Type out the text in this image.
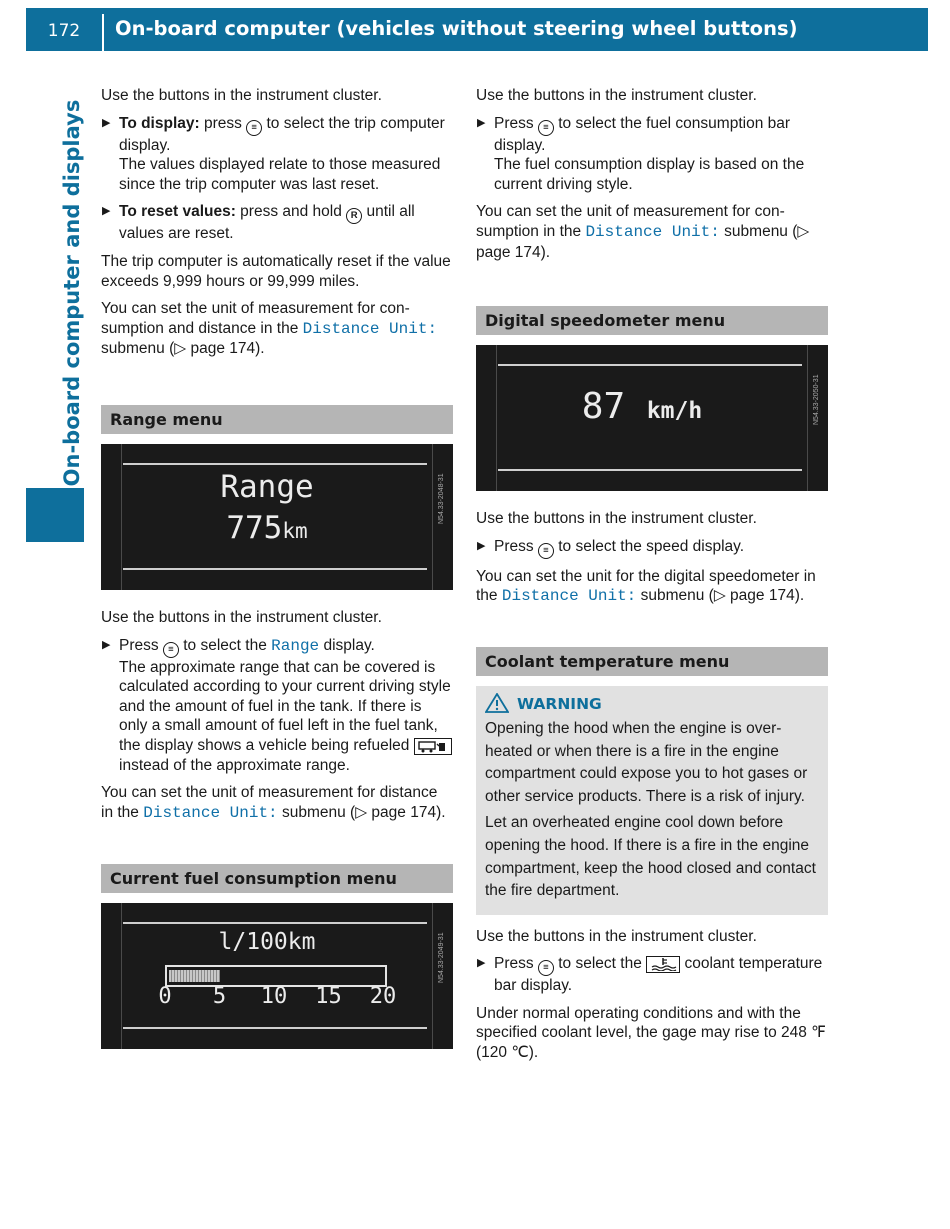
172	On-board computer (vehicles without steering wheel buttons)
On-board computer and displays

Use the buttons in the instrument cluster.

▶ To display: press ≡ to select the trip computer display.
The values displayed relate to those measured since the trip computer was last reset.
▶ To reset values: press and hold R until all values are reset.

The trip computer is automatically reset if the value exceeds 9,999 hours or 99,999 miles.

You can set the unit of measurement for consumption and distance in the Distance Unit: submenu (▷ page 174).

Range menu
Range
775km
N54.33-2048-31

Use the buttons in the instrument cluster.

▶ Press ≡ to select the Range display.
The approximate range that can be covered is calculated according to your current driving style and the amount of fuel in the tank. If there is only a small amount of fuel left in the fuel tank, the display shows a vehicle being refueled  instead of the approximate range.

You can set the unit of measurement for distance in the Distance Unit: submenu (▷ page 174).

Current fuel consumption menu
l/100km
0	5	10	15	20
N54.33-2049-31

Use the buttons in the instrument cluster.

▶ Press ≡ to select the fuel consumption bar display.
The fuel consumption display is based on the current driving style.

You can set the unit of measurement for consumption in the Distance Unit: submenu (▷ page 174).

Digital speedometer menu
87 km/h	N54.33-2050-31

Use the buttons in the instrument cluster.

▶ Press ≡ to select the speed display.

You can set the unit for the digital speedometer in the Distance Unit: submenu (▷ page 174).

Coolant temperature menu
WARNING

Opening the hood when the engine is overheated or when there is a fire in the engine compartment could expose you to hot gases or other service products. There is a risk of injury.

Let an overheated engine cool down before opening the hood. If there is a fire in the engine compartment, keep the hood closed and contact the fire department.

Use the buttons in the instrument cluster.

▶ Press ≡ to select the  coolant temperature bar display.

Under normal operating conditions and with the specified coolant level, the gage may rise to 248 ℉ (120 ℃).
